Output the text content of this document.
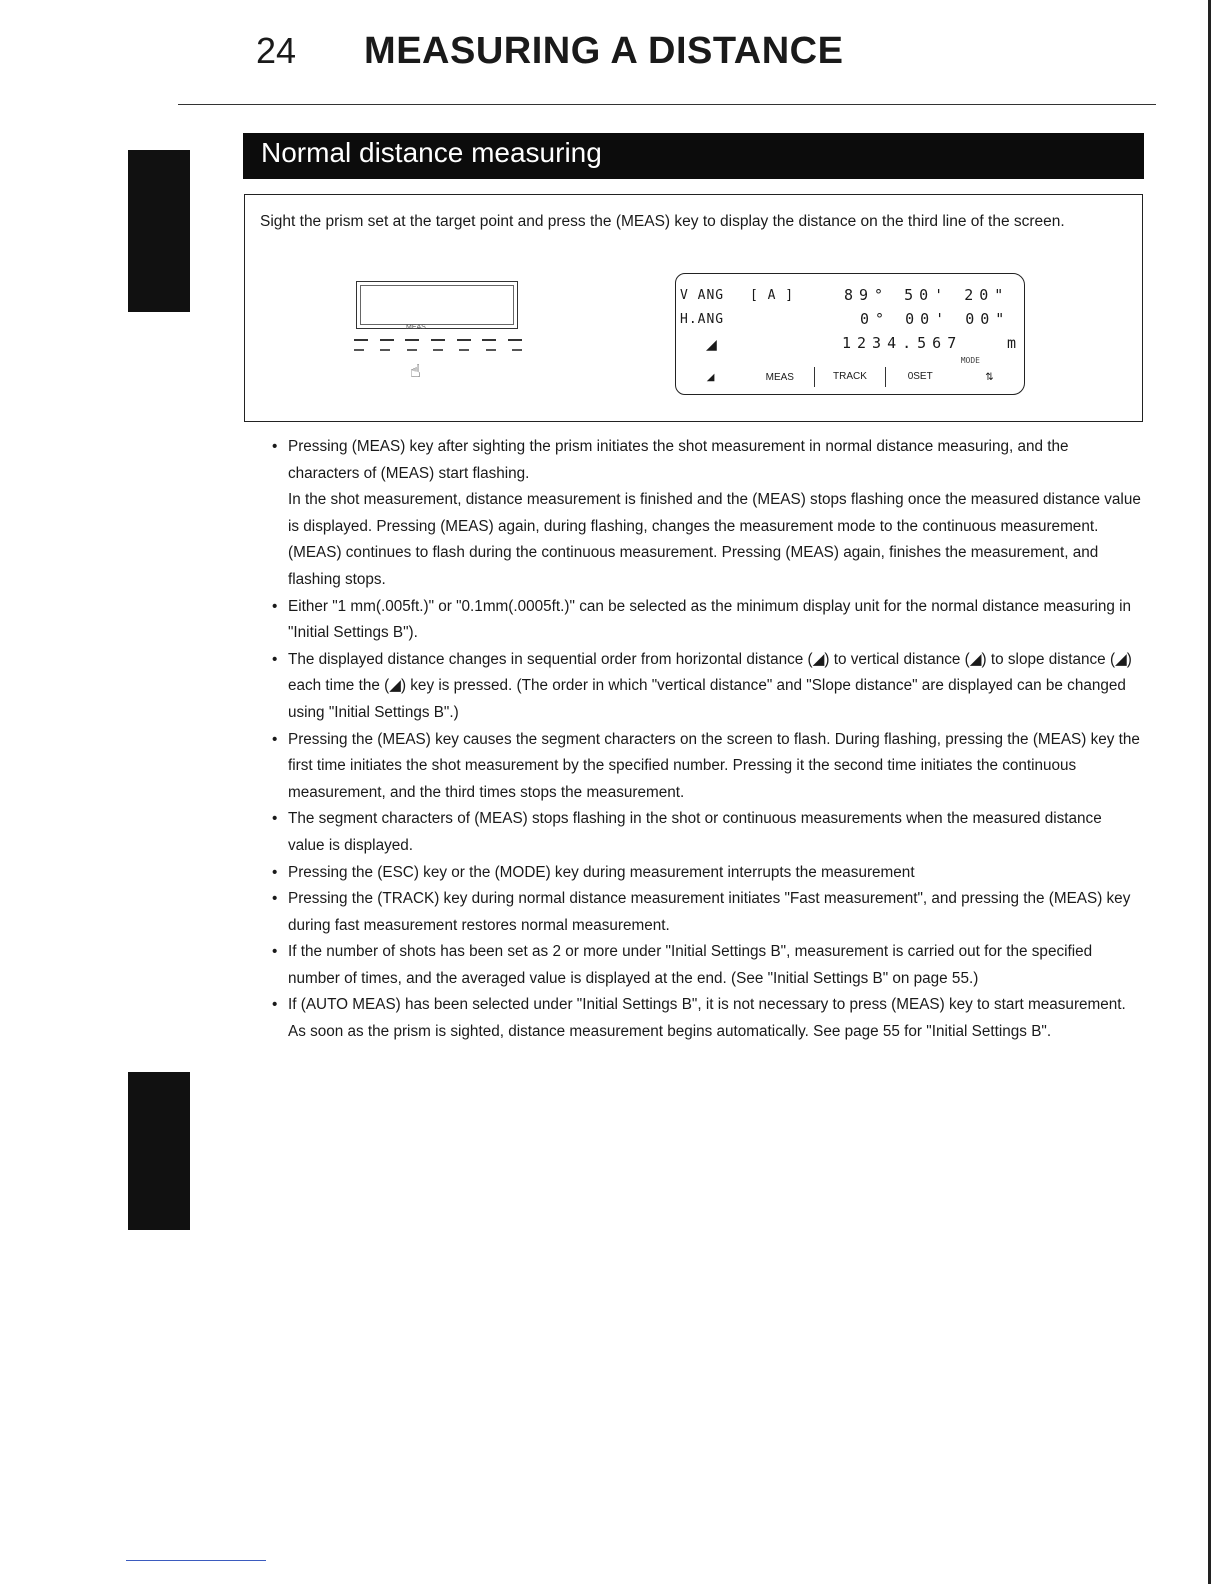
24 MEASURING A DISTANCE
Normal distance measuring
Sight the prism set at the target point and press the (MEAS) key to display the distance on the third line of the screen.
MEAS
☝
V ANG [ A ]	89° 50' 20"
H.ANG	0° 00' 00"
◢	1234.567	m
MODE
◢	MEAS	TRACK	0SET	⇅
• Pressing (MEAS) key after sighting the prism initiates the shot measurement in normal distance measuring, and the characters of (MEAS) start flashing.

In the shot measurement, distance measurement is finished and the (MEAS) stops flashing once the measured distance value is displayed. Pressing (MEAS) again, during flashing, changes the measurement mode to the continuous measurement.

(MEAS) continues to flash during the continuous measurement. Pressing (MEAS) again, finishes the measurement, and flashing stops.

• Either "1 mm(.005ft.)" or "0.1mm(.0005ft.)" can be selected as the minimum display unit for the normal distance measuring in "Initial Settings B").

• The displayed distance changes in sequential order from horizontal distance (◢) to vertical distance (◢) to slope distance (◢) each time the (◢) key is pressed. (The order in which "vertical distance" and "Slope distance" are displayed can be changed using "Initial Settings B".)

• Pressing the (MEAS) key causes the segment characters on the screen to flash. During flashing, pressing the (MEAS) key the first time initiates the shot measurement by the specified number. Pressing it the second time initiates the continuous measurement, and the third times stops the measurement.

• The segment characters of (MEAS) stops flashing in the shot or continuous measurements when the measured distance value is displayed.

• Pressing the (ESC) key or the (MODE) key during measurement interrupts the measurement

• Pressing the (TRACK) key during normal distance measurement initiates "Fast measurement", and pressing the (MEAS) key during fast measurement restores normal measurement.

• If the number of shots has been set as 2 or more under "Initial Settings B", measurement is carried out for the specified number of times, and the averaged value is displayed at the end. (See "Initial Settings B" on page 55.)

• If (AUTO MEAS) has been selected under "Initial Settings B", it is not necessary to press (MEAS) key to start measurement. As soon as the prism is sighted, distance measurement begins automatically. See page 55 for "Initial Settings B".
